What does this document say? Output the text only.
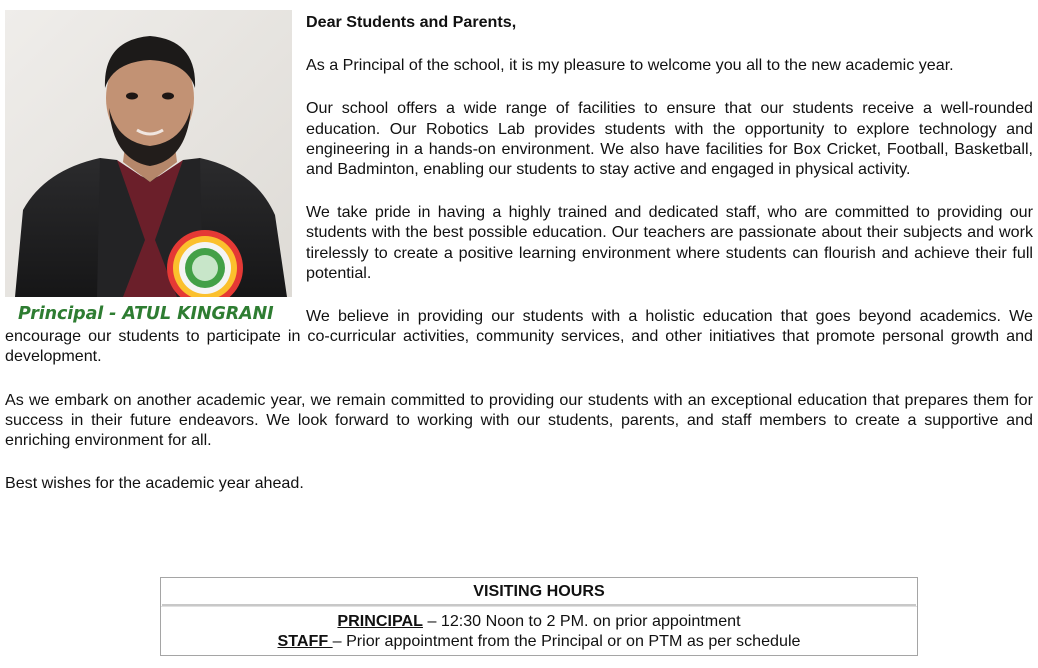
Dear Students and Parents,

As a Principal of the school, it is my pleasure to welcome you all to the new academic year.

Our school offers a wide range of facilities to ensure that our students receive a well-rounded education. Our Robotics Lab provides students with the opportunity to explore technology and engineering in a hands-on environment. We also have facilities for Box Cricket, Football, Basketball, and Badminton, enabling our students to stay active and engaged in physical activity.

We take pride in having a highly trained and dedicated staff, who are committed to providing our students with the best possible education. Our teachers are passionate about their subjects and work tirelessly to create a positive learning environment where students can flourish and achieve their full potential.

We believe in providing our students with a holistic education that goes beyond academics. We encourage our students to participate in co-curricular activities, community services, and other initiatives that promote personal growth and development.

As we embark on another academic year, we remain committed to providing our students with an exceptional education that prepares them for success in their future endeavors. We look forward to working with our students, parents, and staff members to create a supportive and enriching environment for all.

Best wishes for the academic year ahead.

Principal - ATUL KINGRANI
VISITING HOURS
PRINCIPAL – 12:30 Noon to 2 PM. on prior appointment
STAFF – Prior appointment from the Principal or on PTM as per schedule
